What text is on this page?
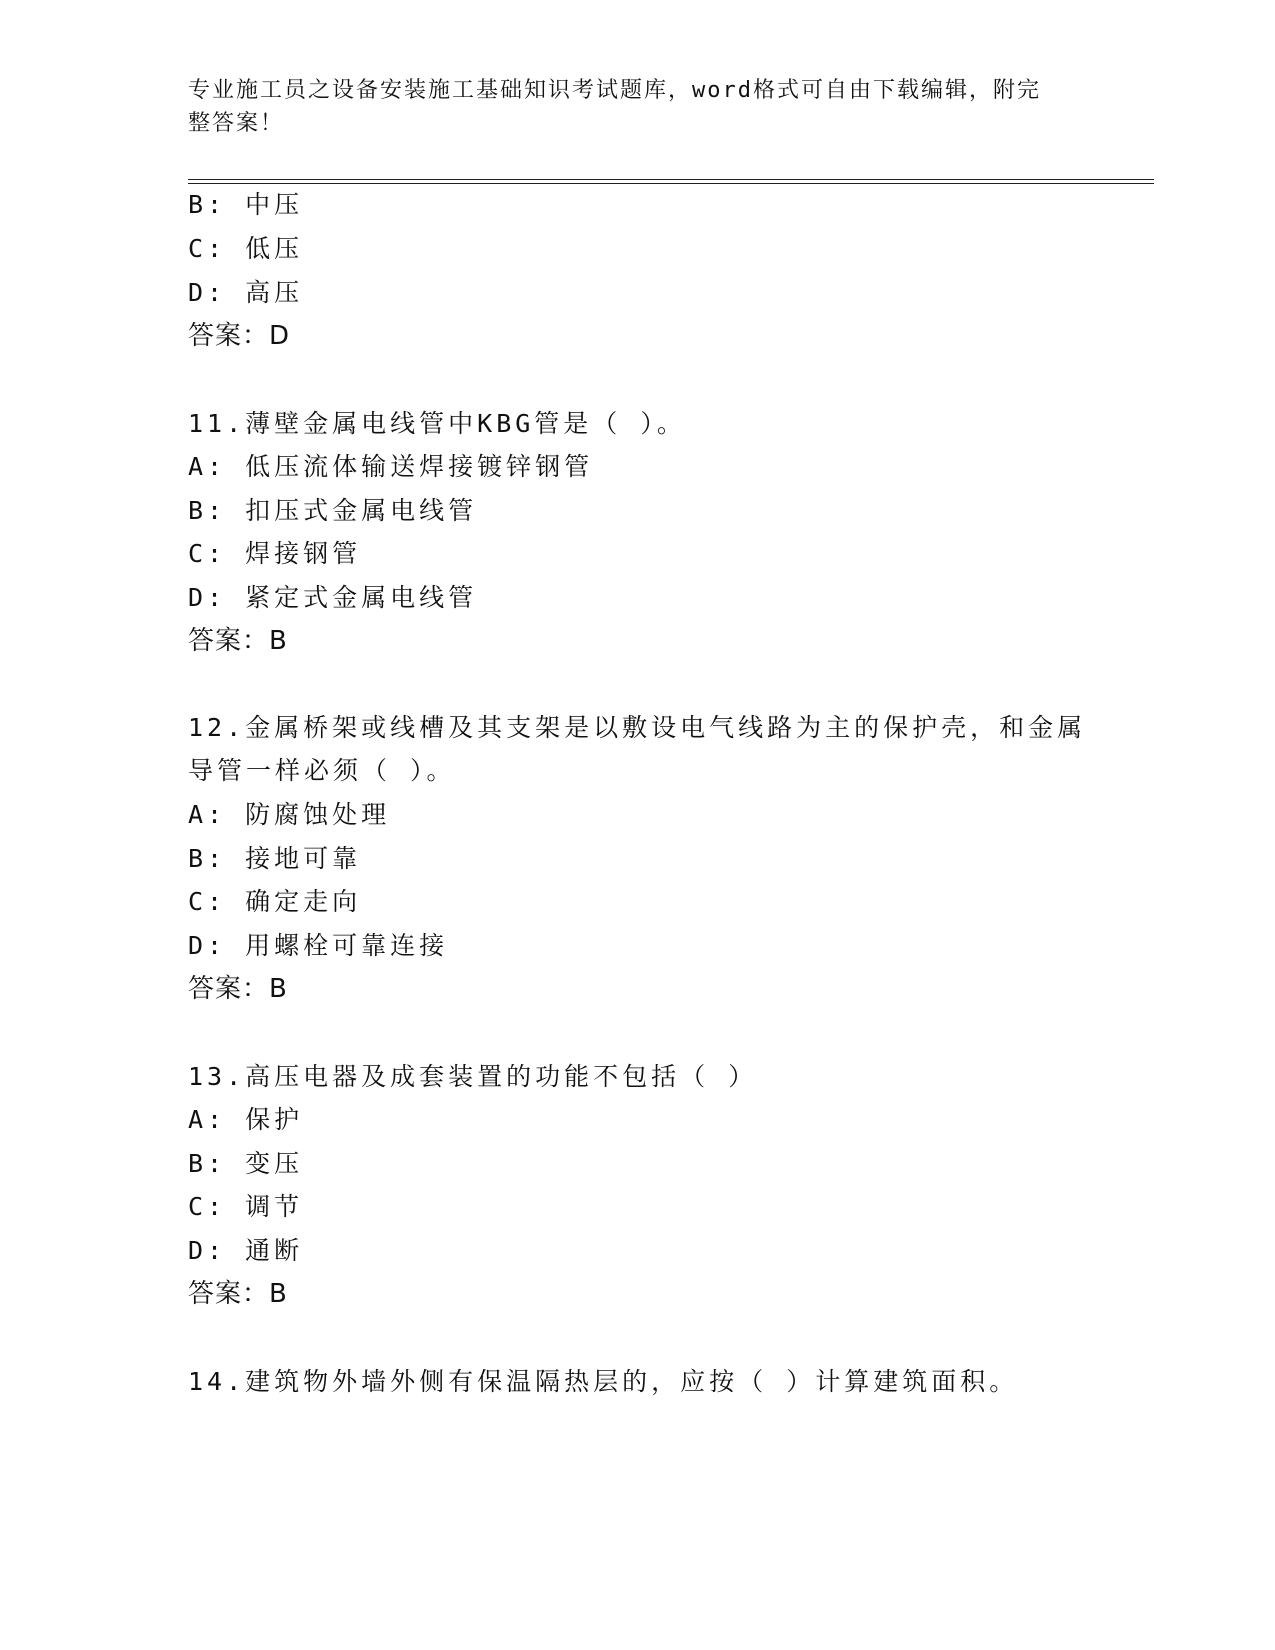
专业施工员之设备安装施工基础知识考试题库，word格式可自由下载编辑，附完
整答案！
B: 中压
C: 低压
D: 高压
答案：D
11.薄壁金属电线管中KBG管是（ ）。
A: 低压流体输送焊接镀锌钢管
B: 扣压式金属电线管
C: 焊接钢管
D: 紧定式金属电线管
答案：B
12.金属桥架或线槽及其支架是以敷设电气线路为主的保护壳，和金属
导管一样必须（ ）。
A: 防腐蚀处理
B: 接地可靠
C: 确定走向
D: 用螺栓可靠连接
答案：B
13.高压电器及成套装置的功能不包括（ ）
A: 保护
B: 变压
C: 调节
D: 通断
答案：B
14.建筑物外墙外侧有保温隔热层的，应按（ ）计算建筑面积。
